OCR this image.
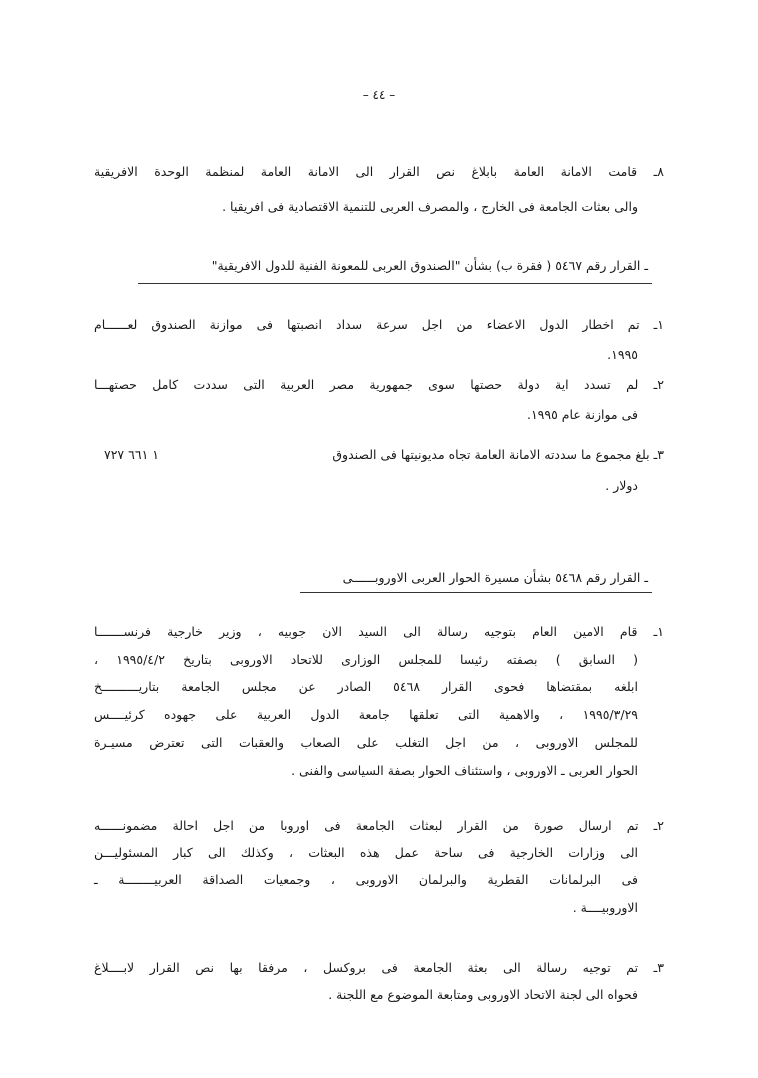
– ٤٤ –
٨ـ قامت الامانة العامة بابلاغ نص القرار الى الامانة العامة لمنظمة الوحدة الافريقية
والى بعثات الجامعة فى الخارج ، والمصرف العربى للتنمية الاقتصادية فى افريقيا .
ـ القرار رقم ٥٤٦٧ ( فقرة ب) بشأن "الصندوق العربى للمعونة الفنية للدول الافريقية"
١ـ تم اخطار الدول الاعضاء من اجل سرعة سداد انصبتها فى موازنة الصندوق لعــــــام
١٩٩٥.
٢ـ لم تسدد اية دولة حصتها سوى جمهورية مصر العربية التى سددت كامل حصتهـــا
فى موازنة عام ١٩٩٥.
٣ـ بلغ مجموع ما سددته الامانة العامة تجاه مديونيتها فى الصندوق
١ ٦٦١ ٧٢٧
دولار .
ـ القرار رقم ٥٤٦٨ بشأن مسيرة الحوار العربى الاوروبــــــى
١ـ قام الامين العام بتوجيه رسالة الى السيد الان جوبيه ، وزير خارجية فرنســـــــا
( السابق ) بصفته رئيسا للمجلس الوزارى للاتحاد الاوروبى بتاريخ ١٩٩٥/٤/٢ ،
ابلغه بمقتضاها فحوى القرار ٥٤٦٨ الصادر عن مجلس الجامعة بتاريــــــــــخ
١٩٩٥/٣/٢٩ ، والاهمية التى تعلقها جامعة الدول العربية على جهوده كرئيــــس
للمجلس الاوروبى ، من اجل التغلب على الصعاب والعقبات التى تعترض مسيـرة
الحوار العربى ـ الاوروبى ، واستئناف الحوار بصفة السياسى والفنى .
٢ـ تم ارسال صورة من القرار لبعثات الجامعة فى اوروبا من اجل احالة مضمونــــــه
الى وزارات الخارجية فى ساحة عمل هذه البعثات ، وكذلك الى كبار المسئوليـــن
فى البرلمانات القطرية والبرلمان الاوروبى ، وجمعيات الصداقة العربيــــــــة ـ
الاوروبيــــة .
٣ـ تم توجيه رسالة الى بعثة الجامعة فى بروكسل ، مرفقا بها نص القرار لابــــلاغ
فحواه الى لجنة الاتحاد الاوروبى ومتابعة الموضوع مع اللجنة .
